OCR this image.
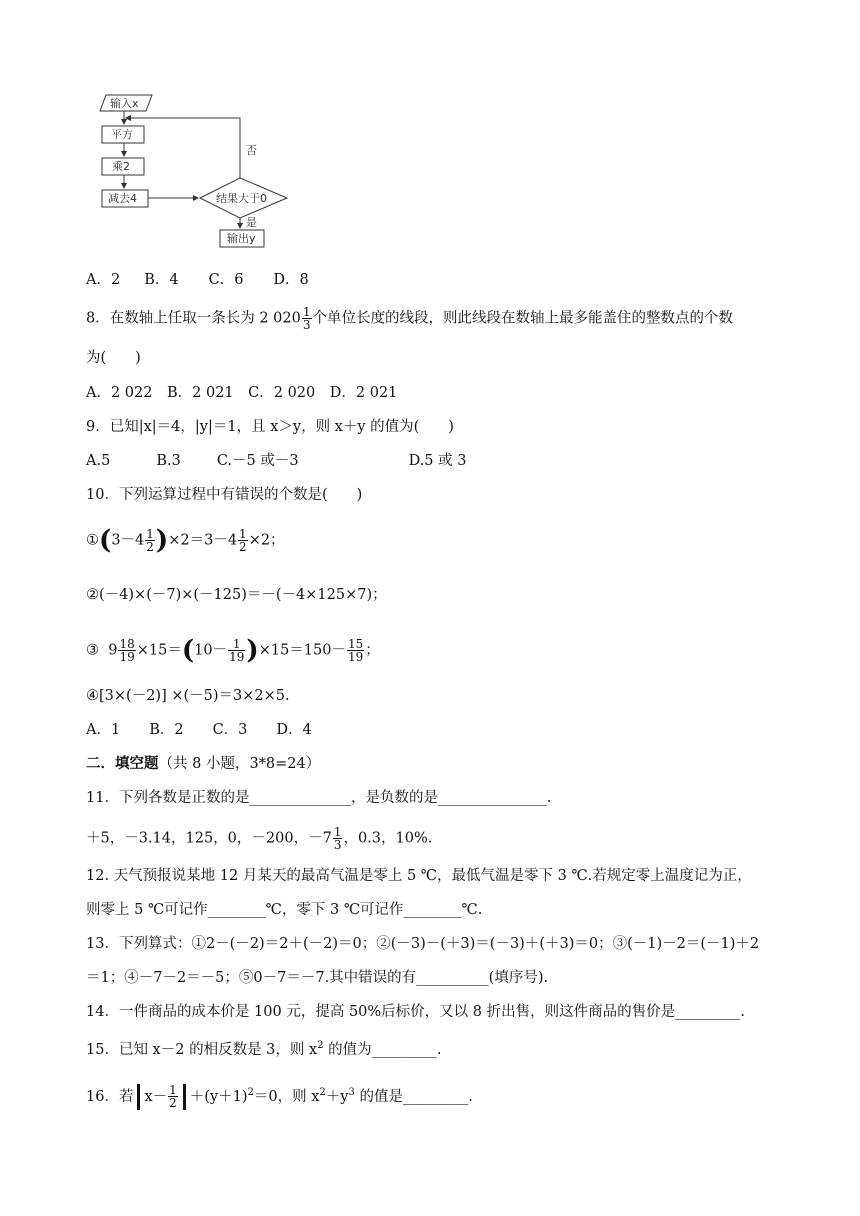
输入x
平方
乘2
减去4	结果大于0
否
是
输出y
A．2 B．4 C．6 D．8
8．在数轴上任取一条长为 2 $020 \frac{1}{3}$ 个单位长度的线段，则此线段在数轴上最多能盖住的整数点的个数
为(　　)
A．2 022　B．2 021　C．2 020　D．2 021
9．已知|x|＝4，|y|＝1，且 x＞y，则 x＋y 的值为(　　)
A.5	B.3 C.－5 或－3	D.5 或 3
10．下列运算过程中有错误的个数是(　　)
①(3－4 $\frac{1}{2} )\times 2=3-4 \frac{1}{2} \times 2$；
②(－4)×(－7)×(－125)＝－(－4×125×7)；
③  $9 \frac{18}{19} \times 15=(10- \frac{1}{19} )\times 15=150- \frac{15}{19}$ ；
④[3×(－2)] ×(－5)＝3×2×5.
A．1　　B．2　　C．3　　D．4
二．填空题（共 8 小题，3*8=24）
11．下列各数是正数的是______________，是负数的是_______________.
＋5，－3.14，125，0，－200，$-7 \frac{1}{3}$ ，0.3，10%.
12. 天气预报说某地 12 月某天的最高气温是零上 5 ℃，最低气温是零下 3 ℃.若规定零上温度记为正，
则零上 5 ℃可记作________℃，零下 3 ℃可记作________℃.
13．下列算式：①2－(－2)＝2＋(－2)＝0；②(－3)－(＋3)＝(－3)＋(＋3)＝0；③(－1)－2＝(－1)＋2
＝1；④－7－2＝－5；⑤0－7＝－7.其中错误的有__________(填序号).
14．一件商品的成本价是 100 元，提高 50%后标价，又以 8 折出售，则这件商品的售价是_________.
15．已知 x－2 的相反数是 3，则 $x^2$ 的值为_________.
16．若 $x- \frac{1}{2} +(y+1)^2=0$，则 $x^2+y^3$ 的值是_________.
